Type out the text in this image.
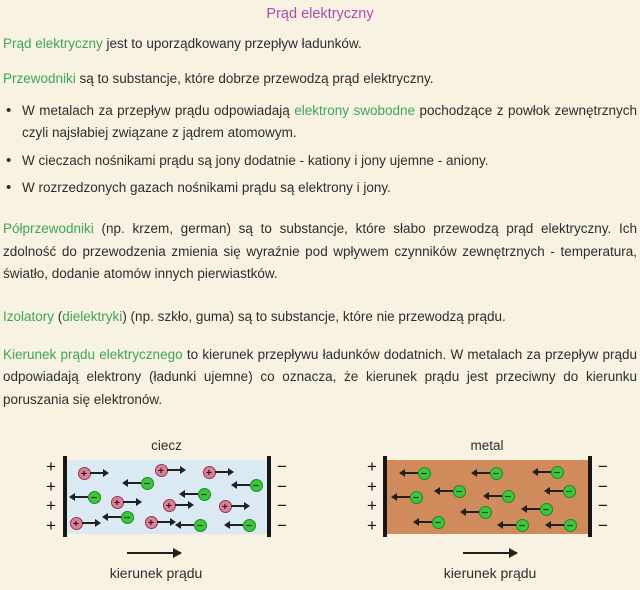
Prąd elektryczny

Prąd elektryczny jest to uporządkowany przepływ ładunków.

Przewodniki są to substancje, które dobrze przewodzą prąd elektryczny.

• W metalach za przepływ prądu odpowiadają elektrony swobodne pochodzące z powłok zewnętrznych czyli najsłabiej związane z jądrem atomowym.
• W cieczach nośnikami prądu są jony dodatnie - kationy i jony ujemne - aniony.
• W rozrzedzonych gazach nośnikami prądu są elektrony i jony.

Półprzewodniki (np. krzem, german) są to substancje, które słabo przewodzą prąd elektryczny. Ich zdolność do przewodzenia zmienia się wyraźnie pod wpływem czynników zewnętrznych - temperatura, światło, dodanie atomów innych pierwiastków.

Izolatory (dielektryki) (np. szkło, guma) są to substancje, które nie przewodzą prądu.

Kierunek prądu elektrycznego to kierunek przepływu ładunków dodatnich. W metalach za przepływ prądu odpowiadają elektrony (ładunki ujemne) co oznacza, że kierunek prądu jest przeciwny do kierunku poruszania się elektronów.

ciecz
+
+
+
+
+	+	+
−	−
−	−
+	+	+
−
+	+	−	−
−
−
−
−
kierunek prądu
metal
+
+
+
+
−	−	−
−	−
−	−
−	−
−	−	−
−
−
−
−
kierunek prądu
